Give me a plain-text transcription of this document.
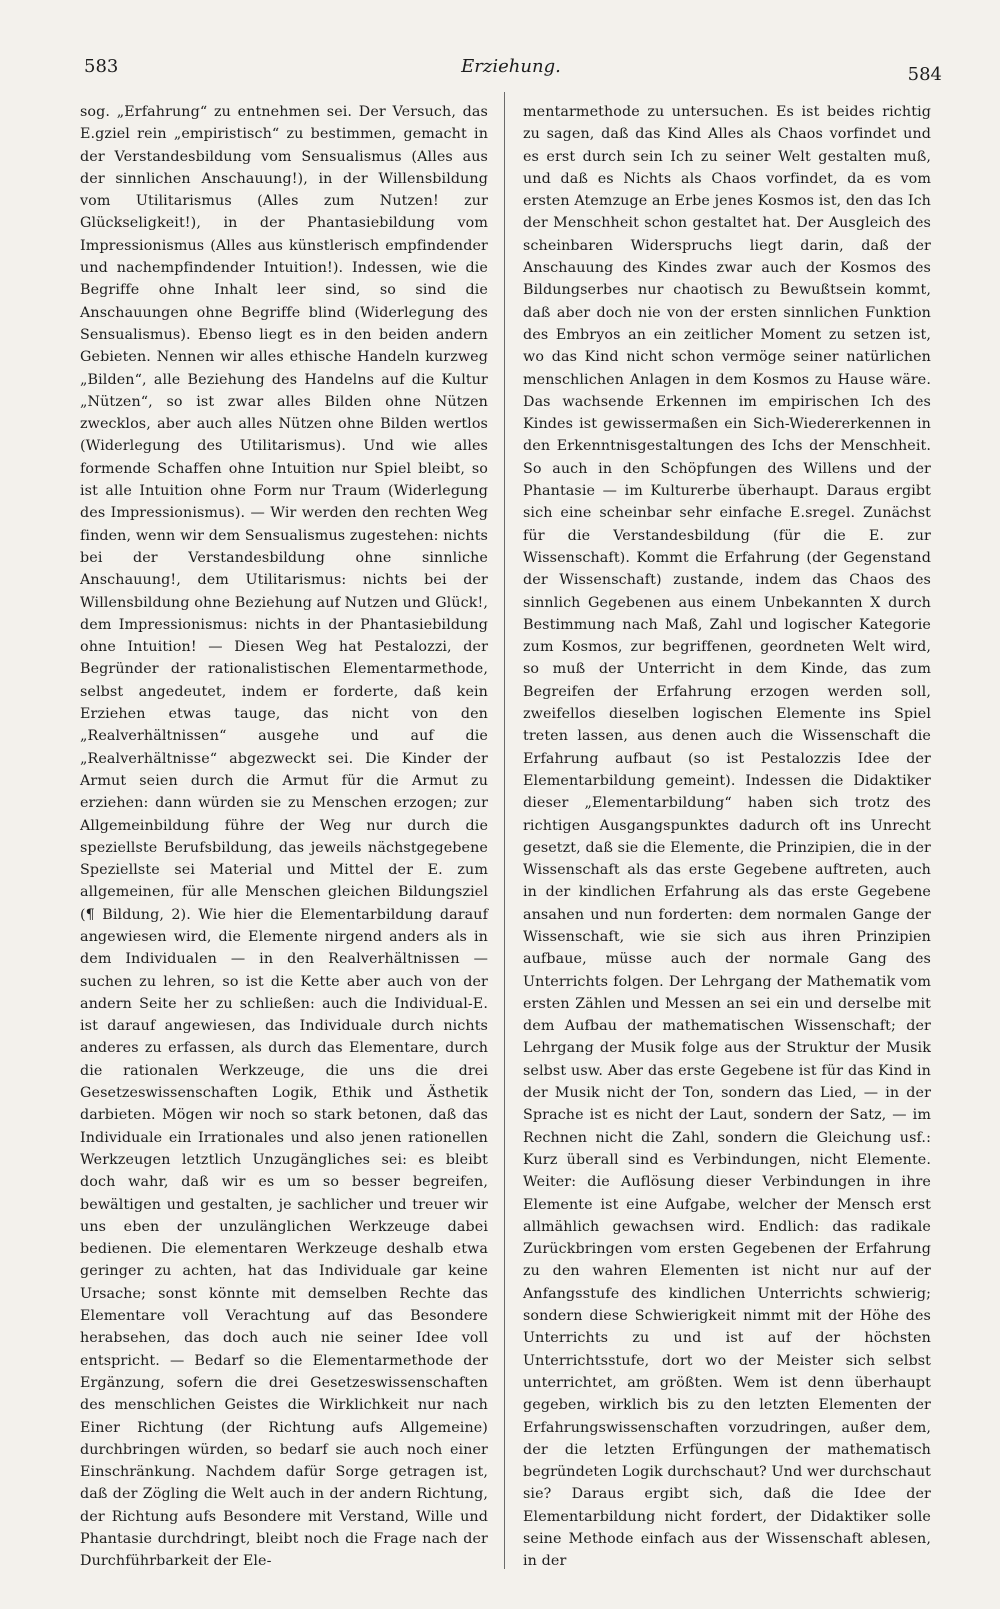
583	Erziehung.	584

sog. „Erfahrung“ zu entnehmen sei. Der Versuch, das E.gziel rein „empiristisch“ zu bestimmen, gemacht in der Verstandesbildung vom Sensualismus (Alles aus der sinnlichen Anschauung!), in der Willensbildung vom Utilitarismus (Alles zum Nutzen! zur Glückseligkeit!), in der Phantasiebildung vom Impressionismus (Alles aus künstlerisch empfindender und nachempfindender Intuition!). Indessen, wie die Begriffe ohne Inhalt leer sind, so sind die Anschauungen ohne Begriffe blind (Widerlegung des Sensualismus). Ebenso liegt es in den beiden andern Gebieten. Nennen wir alles ethische Handeln kurzweg „Bilden“, alle Beziehung des Handelns auf die Kultur „Nützen“, so ist zwar alles Bilden ohne Nützen zwecklos, aber auch alles Nützen ohne Bilden wertlos (Widerlegung des Utilitarismus). Und wie alles formende Schaffen ohne Intuition nur Spiel bleibt, so ist alle Intuition ohne Form nur Traum (Widerlegung des Impressionismus). — Wir werden den rechten Weg finden, wenn wir dem Sensualismus zugestehen: nichts bei der Verstandesbildung ohne sinnliche Anschauung!, dem Utilitarismus: nichts bei der Willensbildung ohne Beziehung auf Nutzen und Glück!, dem Impressionismus: nichts in der Phantasiebildung ohne Intuition! — Diesen Weg hat Pestalozzi, der Begründer der rationalistischen Elementarmethode, selbst angedeutet, indem er forderte, daß kein Erziehen etwas tauge, das nicht von den „Realverhältnissen“ ausgehe und auf die „Realverhältnisse“ abgezweckt sei. Die Kinder der Armut seien durch die Armut für die Armut zu erziehen: dann würden sie zu Menschen erzogen; zur Allgemeinbildung führe der Weg nur durch die speziellste Berufsbildung, das jeweils nächstgegebene Speziellste sei Material und Mittel der E. zum allgemeinen, für alle Menschen gleichen Bildungsziel (¶ Bildung, 2). Wie hier die Elementarbildung darauf angewiesen wird, die Elemente nirgend anders als in dem Individualen — in den Realverhältnissen — suchen zu lehren, so ist die Kette aber auch von der andern Seite her zu schließen: auch die Individual-E. ist darauf angewiesen, das Individuale durch nichts anderes zu erfassen, als durch das Elementare, durch die rationalen Werkzeuge, die uns die drei Gesetzeswissenschaften Logik, Ethik und Ästhetik darbieten. Mögen wir noch so stark betonen, daß das Individuale ein Irrationales und also jenen rationellen Werkzeugen letztlich Unzugängliches sei: es bleibt doch wahr, daß wir es um so besser begreifen, bewältigen und gestalten, je sachlicher und treuer wir uns eben der unzulänglichen Werkzeuge dabei bedienen. Die elementaren Werkzeuge deshalb etwa geringer zu achten, hat das Individuale gar keine Ursache; sonst könnte mit demselben Rechte das Elementare voll Verachtung auf das Besondere herabsehen, das doch auch nie seiner Idee voll entspricht. — Bedarf so die Elementarmethode der Ergänzung, sofern die drei Gesetzeswissenschaften des menschlichen Geistes die Wirklichkeit nur nach Einer Richtung (der Richtung aufs Allgemeine) durchbringen würden, so bedarf sie auch noch einer Einschränkung. Nachdem dafür Sorge getragen ist, daß der Zögling die Welt auch in der andern Richtung, der Richtung aufs Besondere mit Verstand, Wille und Phantasie durchdringt, bleibt noch die Frage nach der Durchführbarkeit der Ele-

mentarmethode zu untersuchen. Es ist beides richtig zu sagen, daß das Kind Alles als Chaos vorfindet und es erst durch sein Ich zu seiner Welt gestalten muß, und daß es Nichts als Chaos vorfindet, da es vom ersten Atemzuge an Erbe jenes Kosmos ist, den das Ich der Menschheit schon gestaltet hat. Der Ausgleich des scheinbaren Widerspruchs liegt darin, daß der Anschauung des Kindes zwar auch der Kosmos des Bildungserbes nur chaotisch zu Bewußtsein kommt, daß aber doch nie von der ersten sinnlichen Funktion des Embryos an ein zeitlicher Moment zu setzen ist, wo das Kind nicht schon vermöge seiner natürlichen menschlichen Anlagen in dem Kosmos zu Hause wäre. Das wachsende Erkennen im empirischen Ich des Kindes ist gewissermaßen ein Sich-Wiedererkennen in den Erkenntnisgestaltungen des Ichs der Menschheit. So auch in den Schöpfungen des Willens und der Phantasie — im Kulturerbe überhaupt. Daraus ergibt sich eine scheinbar sehr einfache E.sregel. Zunächst für die Verstandesbildung (für die E. zur Wissenschaft). Kommt die Erfahrung (der Gegenstand der Wissenschaft) zustande, indem das Chaos des sinnlich Gegebenen aus einem Unbekannten X durch Bestimmung nach Maß, Zahl und logischer Kategorie zum Kosmos, zur begriffenen, geordneten Welt wird, so muß der Unterricht in dem Kinde, das zum Begreifen der Erfahrung erzogen werden soll, zweifellos dieselben logischen Elemente ins Spiel treten lassen, aus denen auch die Wissenschaft die Erfahrung aufbaut (so ist Pestalozzis Idee der Elementarbildung gemeint). Indessen die Didaktiker dieser „Elementarbildung“ haben sich trotz des richtigen Ausgangspunktes dadurch oft ins Unrecht gesetzt, daß sie die Elemente, die Prinzipien, die in der Wissenschaft als das erste Gegebene auftreten, auch in der kindlichen Erfahrung als das erste Gegebene ansahen und nun forderten: dem normalen Gange der Wissenschaft, wie sie sich aus ihren Prinzipien aufbaue, müsse auch der normale Gang des Unterrichts folgen. Der Lehrgang der Mathematik vom ersten Zählen und Messen an sei ein und derselbe mit dem Aufbau der mathematischen Wissenschaft; der Lehrgang der Musik folge aus der Struktur der Musik selbst usw. Aber das erste Gegebene ist für das Kind in der Musik nicht der Ton, sondern das Lied, — in der Sprache ist es nicht der Laut, sondern der Satz, — im Rechnen nicht die Zahl, sondern die Gleichung usf.: Kurz überall sind es Verbindungen, nicht Elemente. Weiter: die Auflösung dieser Verbindungen in ihre Elemente ist eine Aufgabe, welcher der Mensch erst allmählich gewachsen wird. Endlich: das radikale Zurückbringen vom ersten Gegebenen der Erfahrung zu den wahren Elementen ist nicht nur auf der Anfangsstufe des kindlichen Unterrichts schwierig; sondern diese Schwierigkeit nimmt mit der Höhe des Unterrichts zu und ist auf der höchsten Unterrichtsstufe, dort wo der Meister sich selbst unterrichtet, am größten. Wem ist denn überhaupt gegeben, wirklich bis zu den letzten Elementen der Erfahrungswissenschaften vorzudringen, außer dem, der die letzten Erfüngungen der mathematisch begründeten Logik durchschaut? Und wer durchschaut sie? Daraus ergibt sich, daß die Idee der Elementarbildung nicht fordert, der Didaktiker solle seine Methode einfach aus der Wissenschaft ablesen, in der
